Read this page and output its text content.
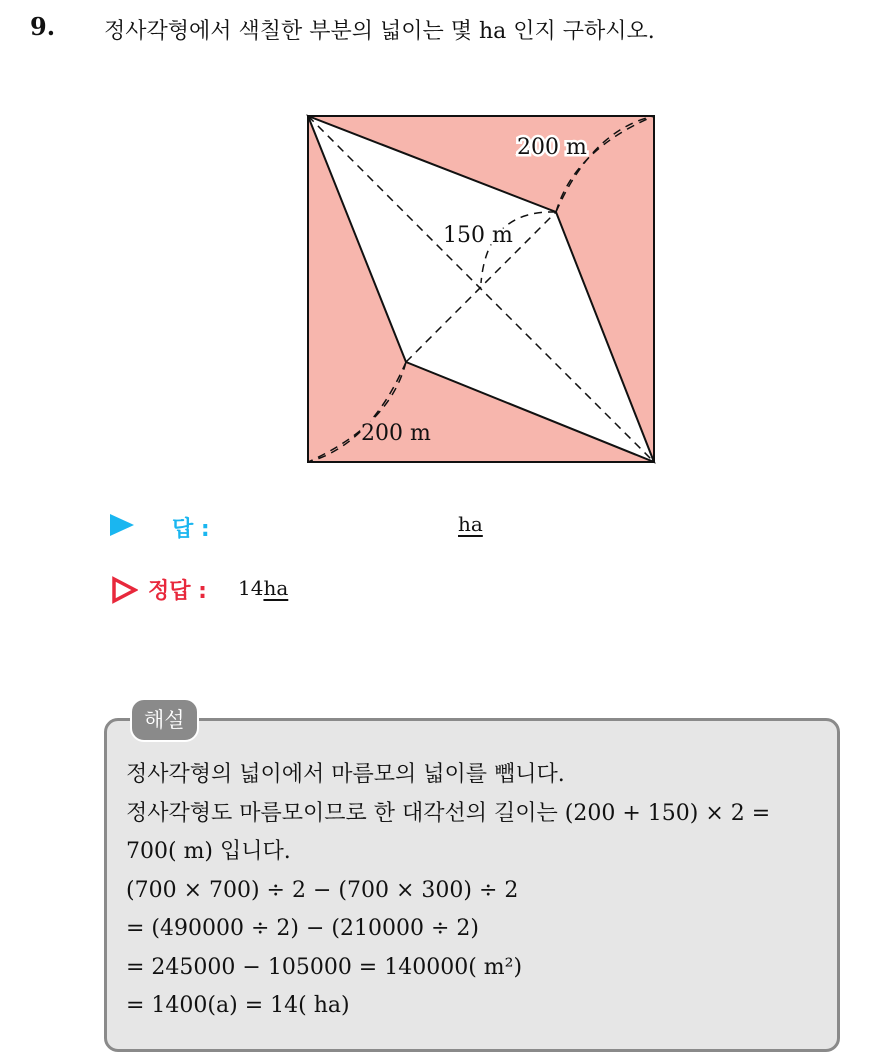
9. 정사각형에서 색칠한 부분의 넓이는 몇 ha 인지 구하시오.
200 m
150 m
200 m
답 :	ha
정답 : 14ha
해설
정사각형의 넓이에서 마름모의 넓이를 뺍니다.
정사각형도 마름모이므로 한 대각선의 길이는 (200 + 150) × 2 =
700( m) 입니다.
(700 × 700) ÷ 2 − (700 × 300) ÷ 2
= (490000 ÷ 2) − (210000 ÷ 2)
= 245000 − 105000 = 140000( m²)
= 1400(a) = 14( ha)
